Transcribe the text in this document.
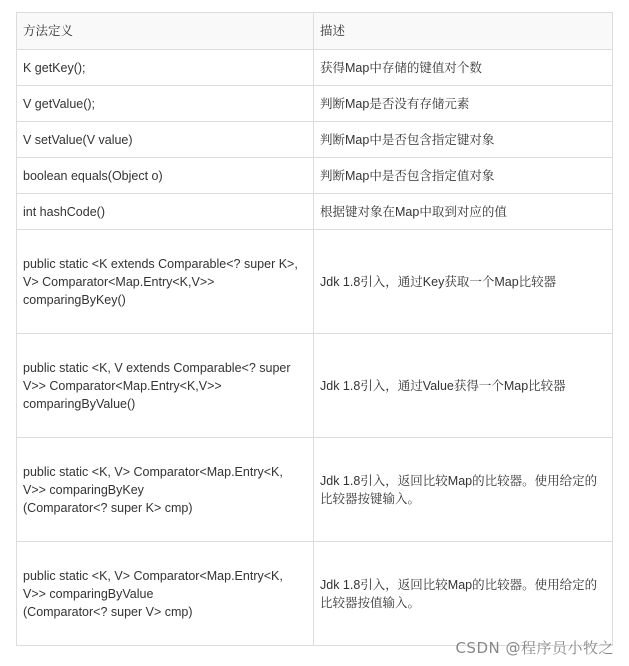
方法定义	描述

K getKey();	获得Map中存储的键值对个数

V getValue();	判断Map是否没有存储元素

V setValue(V value)	判断Map中是否包含指定键对象

boolean equals(Object o)	判断Map中是否包含指定值对象

int hashCode()	根据键对象在Map中取到对应的值

public static <K extends Comparable<? super K>,
V> Comparator<Map.Entry<K,V>>
comparingByKey()	Jdk 1.8引入，通过Key获取一个Map比较器

public static <K, V extends Comparable<? super
V>> Comparator<Map.Entry<K,V>>
comparingByValue()	Jdk 1.8引入，通过Value获得一个Map比较器

public static <K, V> Comparator<Map.Entry<K,
V>> comparingByKey
(Comparator<? super K> cmp)	Jdk 1.8引入，返回比较Map的比较器。使用给定的比较器按键输入。

public static <K, V> Comparator<Map.Entry<K,
V>> comparingByValue
(Comparator<? super V> cmp)	Jdk 1.8引入，返回比较Map的比较器。使用给定的比较器按值输入。
CSDN @程序员小牧之
